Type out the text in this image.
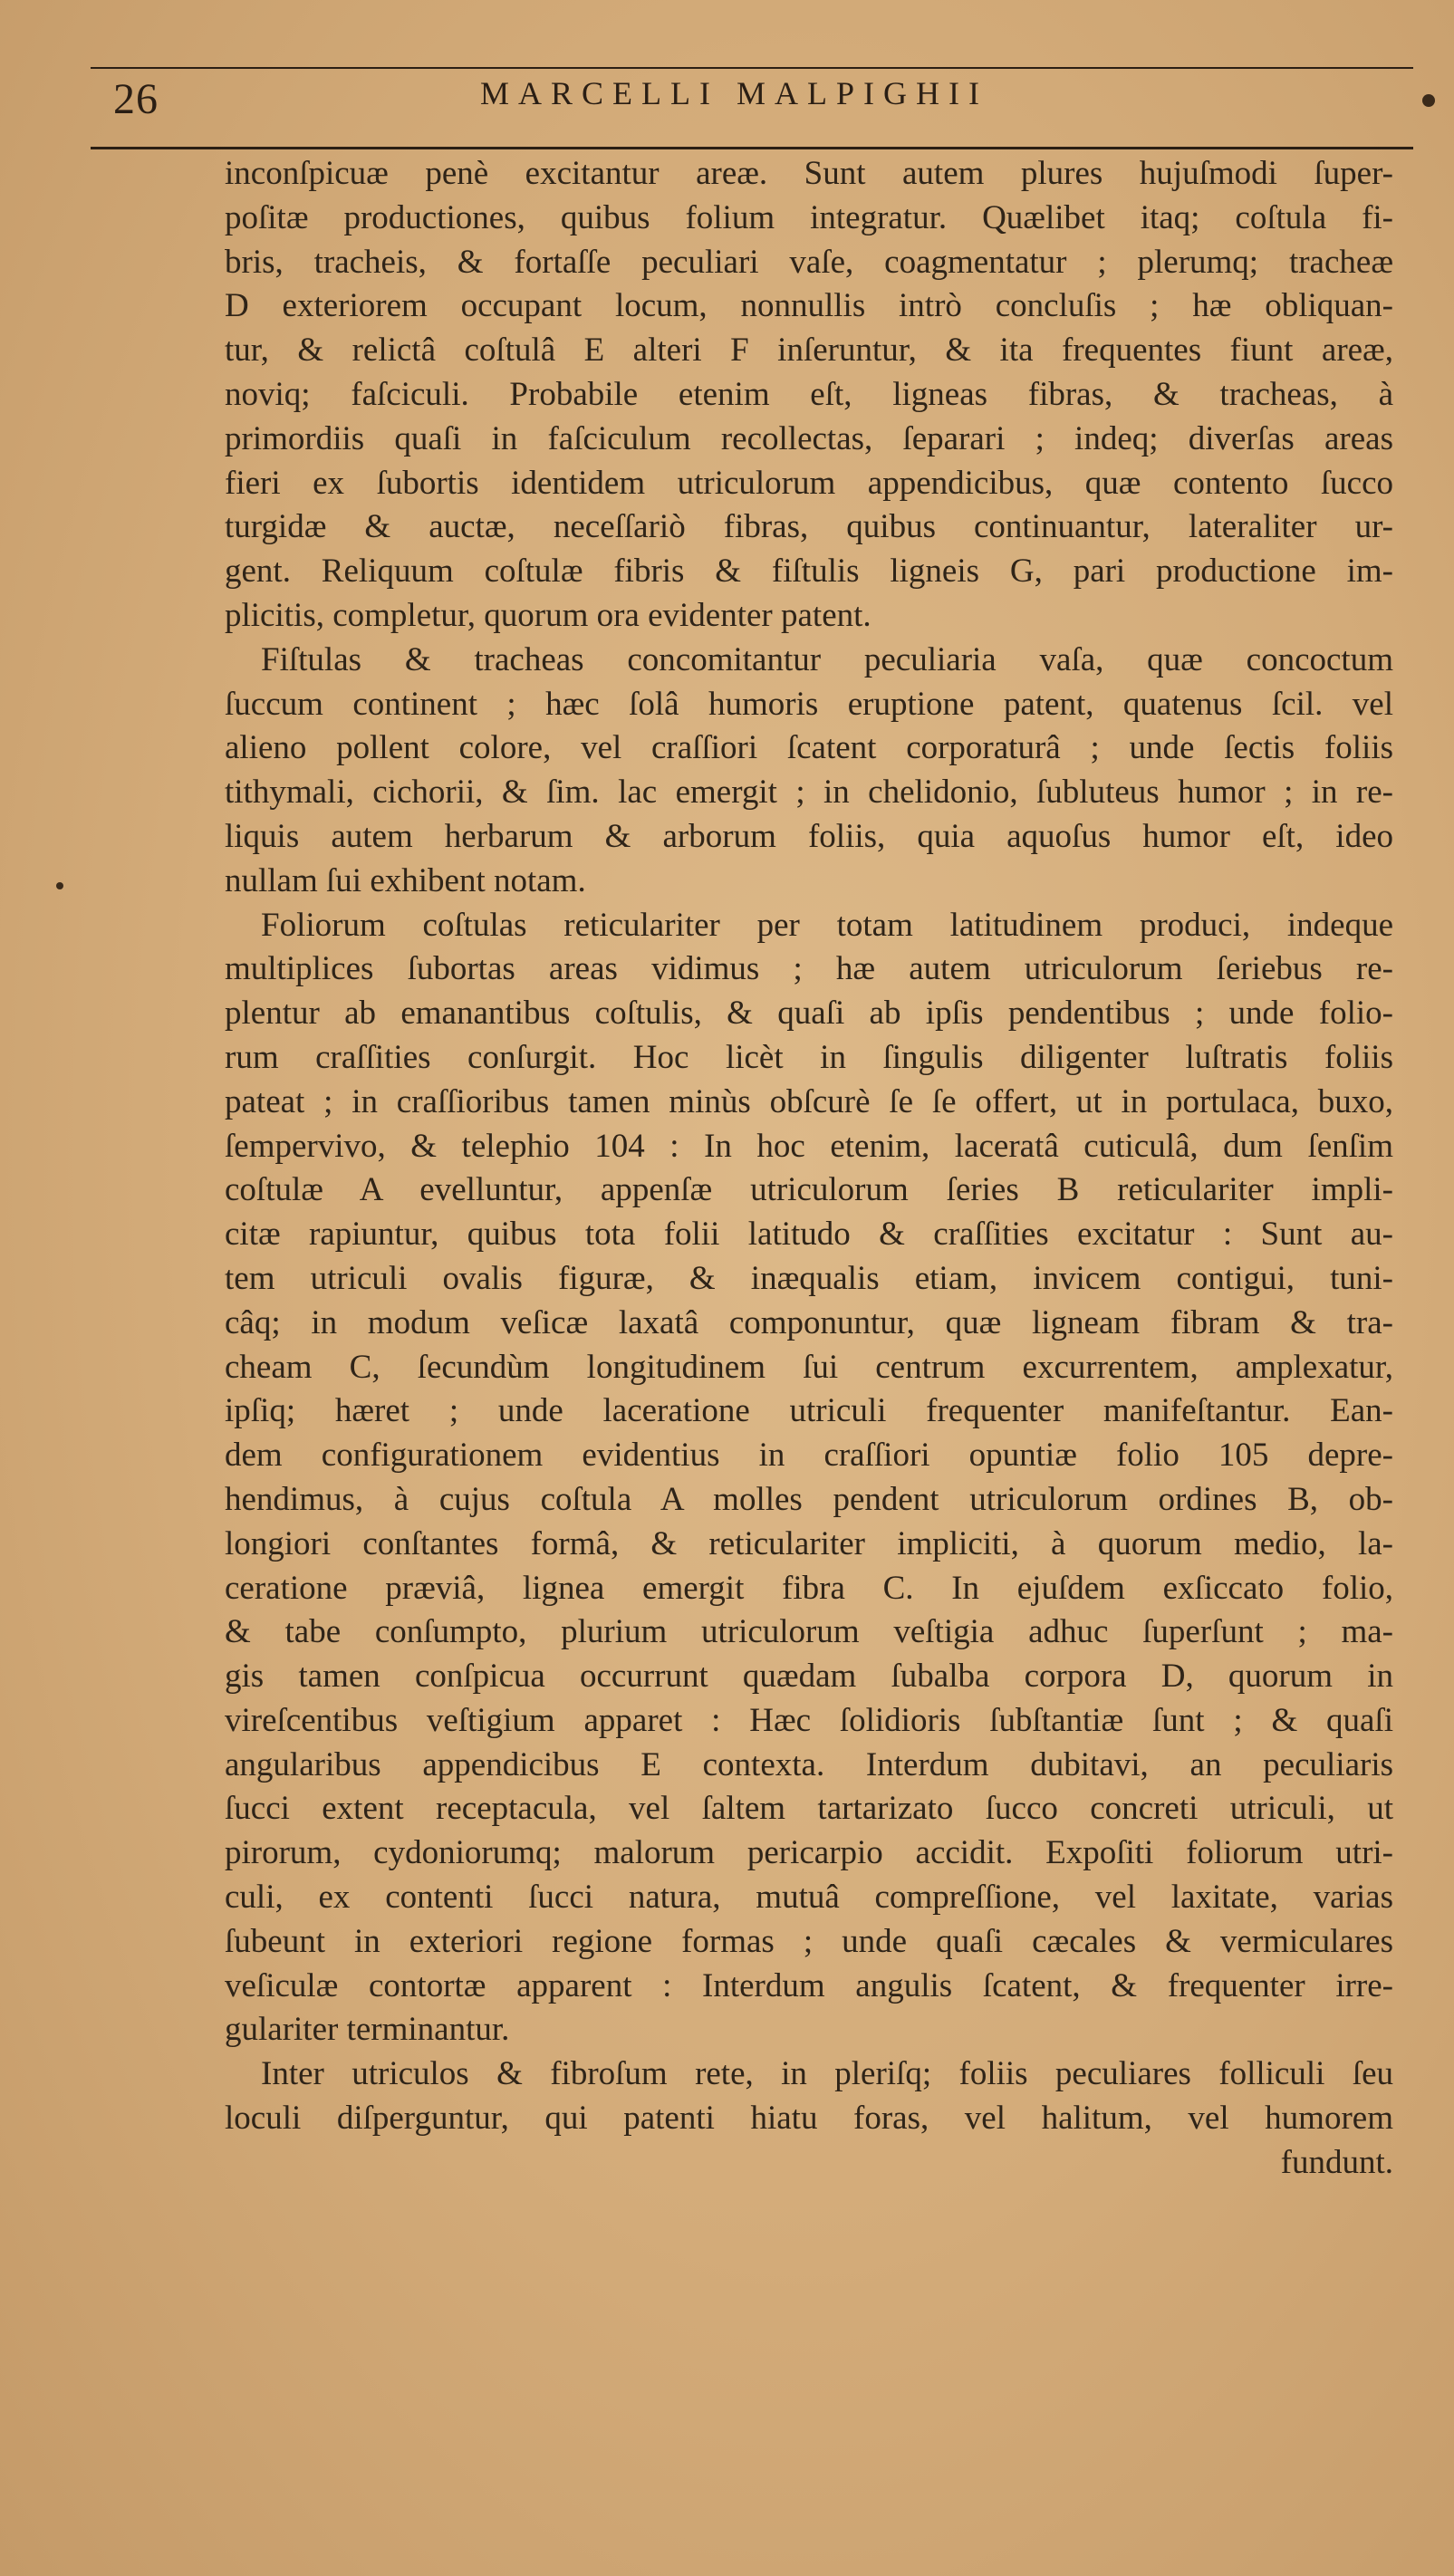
26	MARCELLI MALPIGHII
inconſpicuæ penè excitantur areæ. Sunt autem plures hujuſmodi ſuper-
poſitæ productiones, quibus folium integratur. Quælibet itaq; coſtula fi-
bris, tracheis, & fortaſſe peculiari vaſe, coagmentatur ; plerumq; tracheæ
D exteriorem occupant locum, nonnullis intrò concluſis ; hæ obliquan-
tur, & relictâ coſtulâ E alteri F inſeruntur, & ita frequentes fiunt areæ,
noviq; faſciculi. Probabile etenim eſt, ligneas fibras, & tracheas, à
primordiis quaſi in faſciculum recollectas, ſeparari ; indeq; diverſas areas
fieri ex ſubortis identidem utriculorum appendicibus, quæ contento ſucco
turgidæ & auctæ, neceſſariò fibras, quibus continuantur, lateraliter ur-
gent. Reliquum coſtulæ fibris & fiſtulis ligneis G, pari productione im-
plicitis, completur, quorum ora evidenter patent.
Fiſtulas & tracheas concomitantur peculiaria vaſa, quæ concoctum
ſuccum continent ; hæc ſolâ humoris eruptione patent, quatenus ſcil. vel
alieno pollent colore, vel craſſiori ſcatent corporaturâ ; unde ſectis foliis
tithymali, cichorii, & ſim. lac emergit ; in chelidonio, ſubluteus humor ; in re-
liquis autem herbarum & arborum foliis, quia aquoſus humor eſt, ideo
nullam ſui exhibent notam.
Foliorum coſtulas reticulariter per totam latitudinem produci, indeque
multiplices ſubortas areas vidimus ; hæ autem utriculorum ſeriebus re-
plentur ab emanantibus coſtulis, & quaſi ab ipſis pendentibus ; unde folio-
rum craſſities conſurgit. Hoc licèt in ſingulis diligenter luſtratis foliis
pateat ; in craſſioribus tamen minùs obſcurè ſe ſe offert, ut in portulaca, buxo,
ſempervivo, & telephio 104 : In hoc etenim, laceratâ cuticulâ, dum ſenſim
coſtulæ A evelluntur, appenſæ utriculorum ſeries B reticulariter impli-
citæ rapiuntur, quibus tota folii latitudo & craſſities excitatur : Sunt au-
tem utriculi ovalis figuræ, & inæqualis etiam, invicem contigui, tuni-
câq; in modum veſicæ laxatâ componuntur, quæ ligneam fibram & tra-
cheam C, ſecundùm longitudinem ſui centrum excurrentem, amplexatur,
ipſiq; hæret ; unde laceratione utriculi frequenter manifeſtantur. Ean-
dem configurationem evidentius in craſſiori opuntiæ folio 105 depre-
hendimus, à cujus coſtula A molles pendent utriculorum ordines B, ob-
longiori conſtantes formâ, & reticulariter impliciti, à quorum medio, la-
ceratione præviâ, lignea emergit fibra C. In ejuſdem exſiccato folio,
& tabe conſumpto, plurium utriculorum veſtigia adhuc ſuperſunt ; ma-
gis tamen conſpicua occurrunt quædam ſubalba corpora D, quorum in
vireſcentibus veſtigium apparet : Hæc ſolidioris ſubſtantiæ ſunt ; & quaſi
angularibus appendicibus E contexta. Interdum dubitavi, an peculiaris
ſucci extent receptacula, vel ſaltem tartarizato ſucco concreti utriculi, ut
pirorum, cydoniorumq; malorum pericarpio accidit. Expoſiti foliorum utri-
culi, ex contenti ſucci natura, mutuâ compreſſione, vel laxitate, varias
ſubeunt in exteriori regione formas ; unde quaſi cæcales & vermiculares
veſiculæ contortæ apparent : Interdum angulis ſcatent, & frequenter irre-
gulariter terminantur.
Inter utriculos & fibroſum rete, in pleriſq; foliis peculiares folliculi ſeu
loculi diſperguntur, qui patenti hiatu foras, vel halitum, vel humorem
fundunt.
